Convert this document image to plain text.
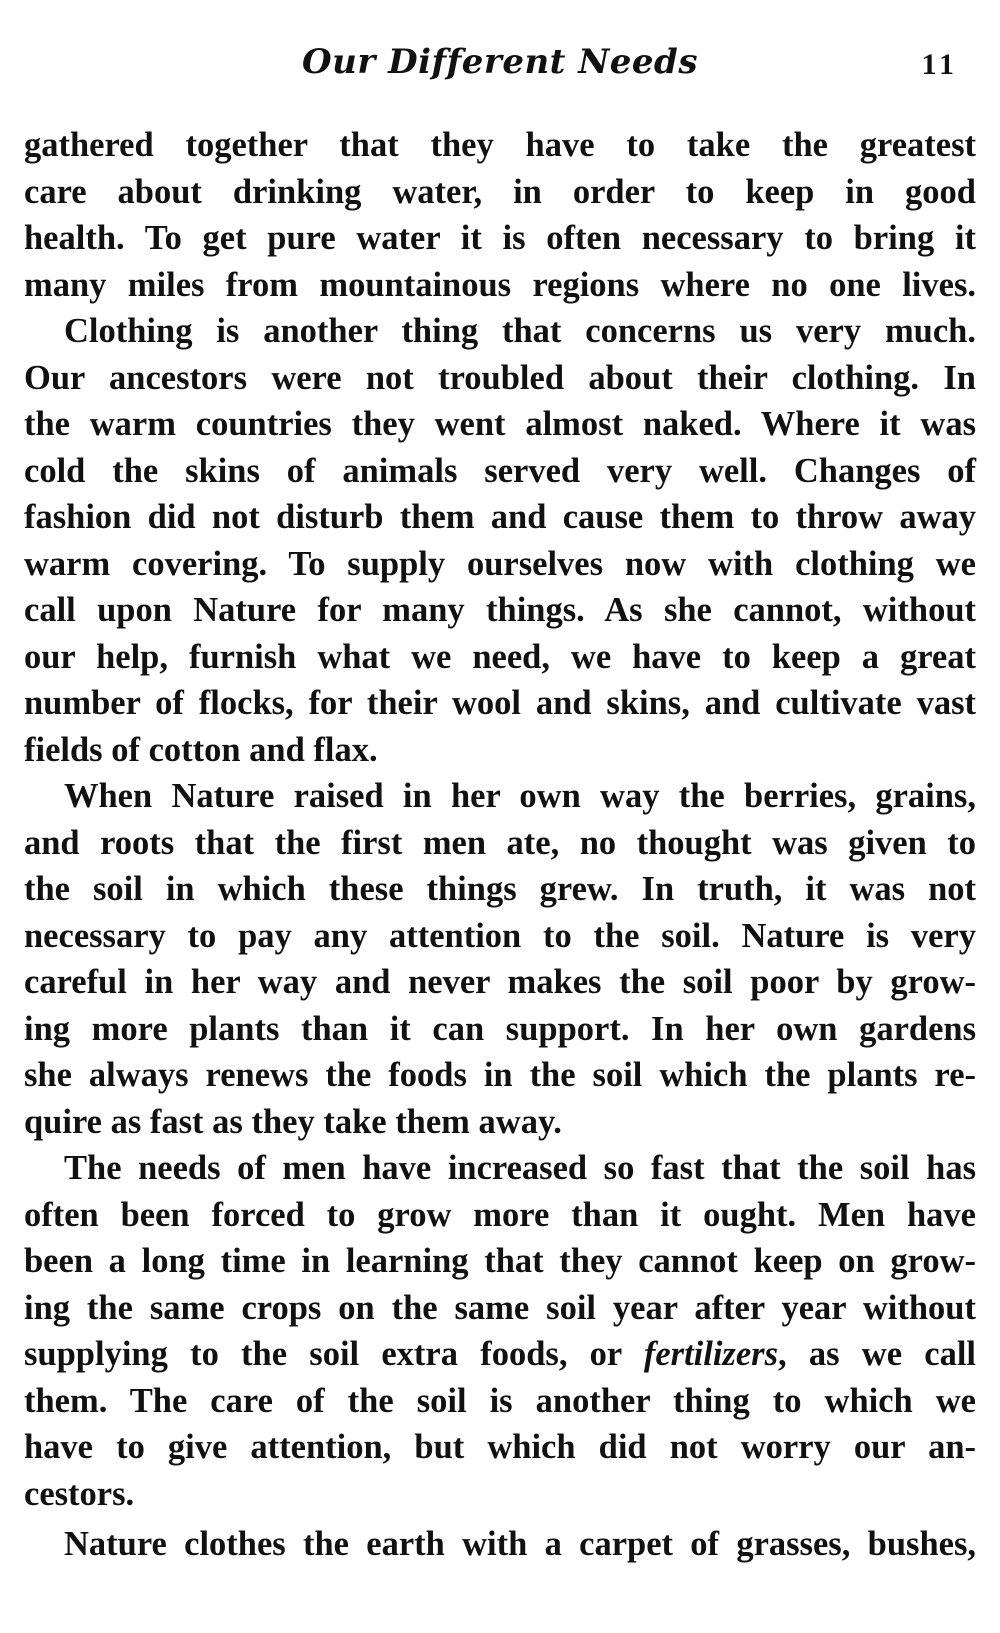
Our Different Needs	11
gathered together that they have to take the greatest
care about drinking water, in order to keep in good
health. To get pure water it is often necessary to bring it
many miles from mountainous regions where no one lives.
Clothing is another thing that concerns us very much.
Our ancestors were not troubled about their clothing. In
the warm countries they went almost naked. Where it was
cold the skins of animals served very well. Changes of
fashion did not disturb them and cause them to throw away
warm covering. To supply ourselves now with clothing we
call upon Nature for many things. As she cannot, without
our help, furnish what we need, we have to keep a great
number of flocks, for their wool and skins, and cultivate vast
fields of cotton and flax.
When Nature raised in her own way the berries, grains,
and roots that the first men ate, no thought was given to
the soil in which these things grew. In truth, it was not
necessary to pay any attention to the soil. Nature is very
careful in her way and never makes the soil poor by grow-
ing more plants than it can support. In her own gardens
she always renews the foods in the soil which the plants re-
quire as fast as they take them away.
The needs of men have increased so fast that the soil has
often been forced to grow more than it ought. Men have
been a long time in learning that they cannot keep on grow-
ing the same crops on the same soil year after year without
supplying to the soil extra foods, or fertilizers, as we call
them. The care of the soil is another thing to which we
have to give attention, but which did not worry our an-
cestors.
Nature clothes the earth with a carpet of grasses, bushes,
